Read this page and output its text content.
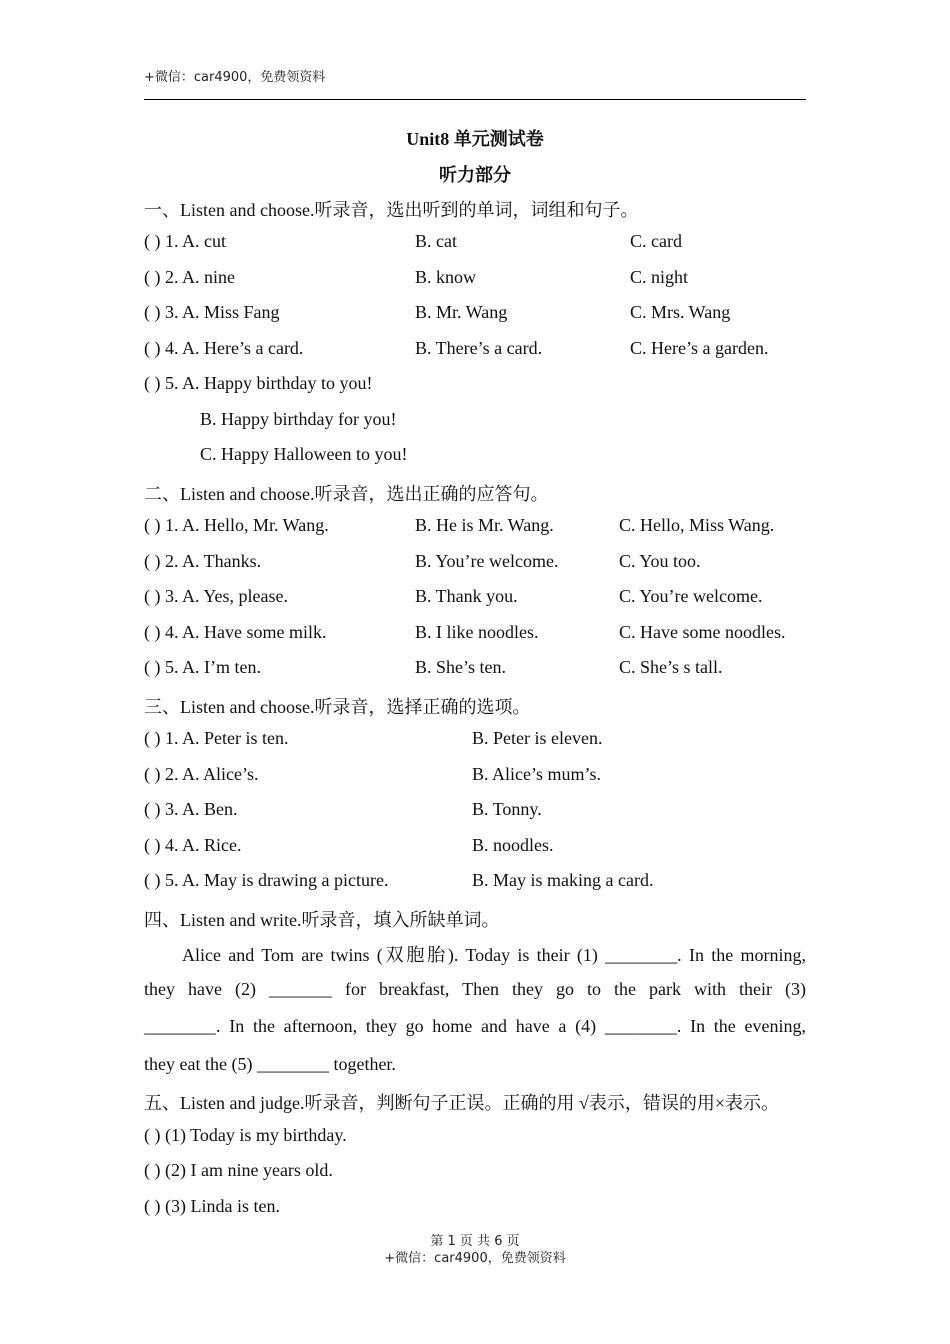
+微信：car4900，免费领资料
Unit8 单元测试卷
听力部分
一、Listen and choose.听录音，选出听到的单词，词组和句子。
( ) 1. A. cut	B. cat	C. card
( ) 2. A. nine	B. know	C. night
( ) 3. A. Miss Fang	B. Mr. Wang	C. Mrs. Wang
( ) 4. A. Here’s a card.	B. There’s a card.	C. Here’s a garden.
( ) 5. A. Happy birthday to you!
B. Happy birthday for you!
C. Happy Halloween to you!
二、Listen and choose.听录音，选出正确的应答句。
( ) 1. A. Hello, Mr. Wang.	B. He is Mr. Wang.	C. Hello, Miss Wang.
( ) 2. A. Thanks.	B. You’re welcome.	C. You too.
( ) 3. A. Yes, please.	B. Thank you.	C. You’re welcome.
( ) 4. A. Have some milk.	B. I like noodles.	C. Have some noodles.
( ) 5. A. I’m ten.	B. She’s ten.	C. She’s s tall.
三、Listen and choose.听录音，选择正确的选项。
( ) 1. A. Peter is ten.	B. Peter is eleven.
( ) 2. A. Alice’s.	B. Alice’s mum’s.
( ) 3. A. Ben.	B. Tonny.
( ) 4. A. Rice.	B. noodles.
( ) 5. A. May is drawing a picture.	B. May is making a card.
四、Listen and write.听录音，填入所缺单词。
Alice and Tom are twins (双胞胎). Today is their (1) ________. In the morning,
they have (2) _______ for breakfast, Then they go to the park with their (3)
________. In the afternoon, they go home and have a (4) ________. In the evening,
they eat the (5) ________ together.
五、Listen and judge.听录音，判断句子正误。正确的用 √表示，错误的用×表示。
( ) (1) Today is my birthday.
( ) (2) I am nine years old.
( ) (3) Linda is ten.
第 1 页 共 6 页
+微信：car4900，免费领资料
